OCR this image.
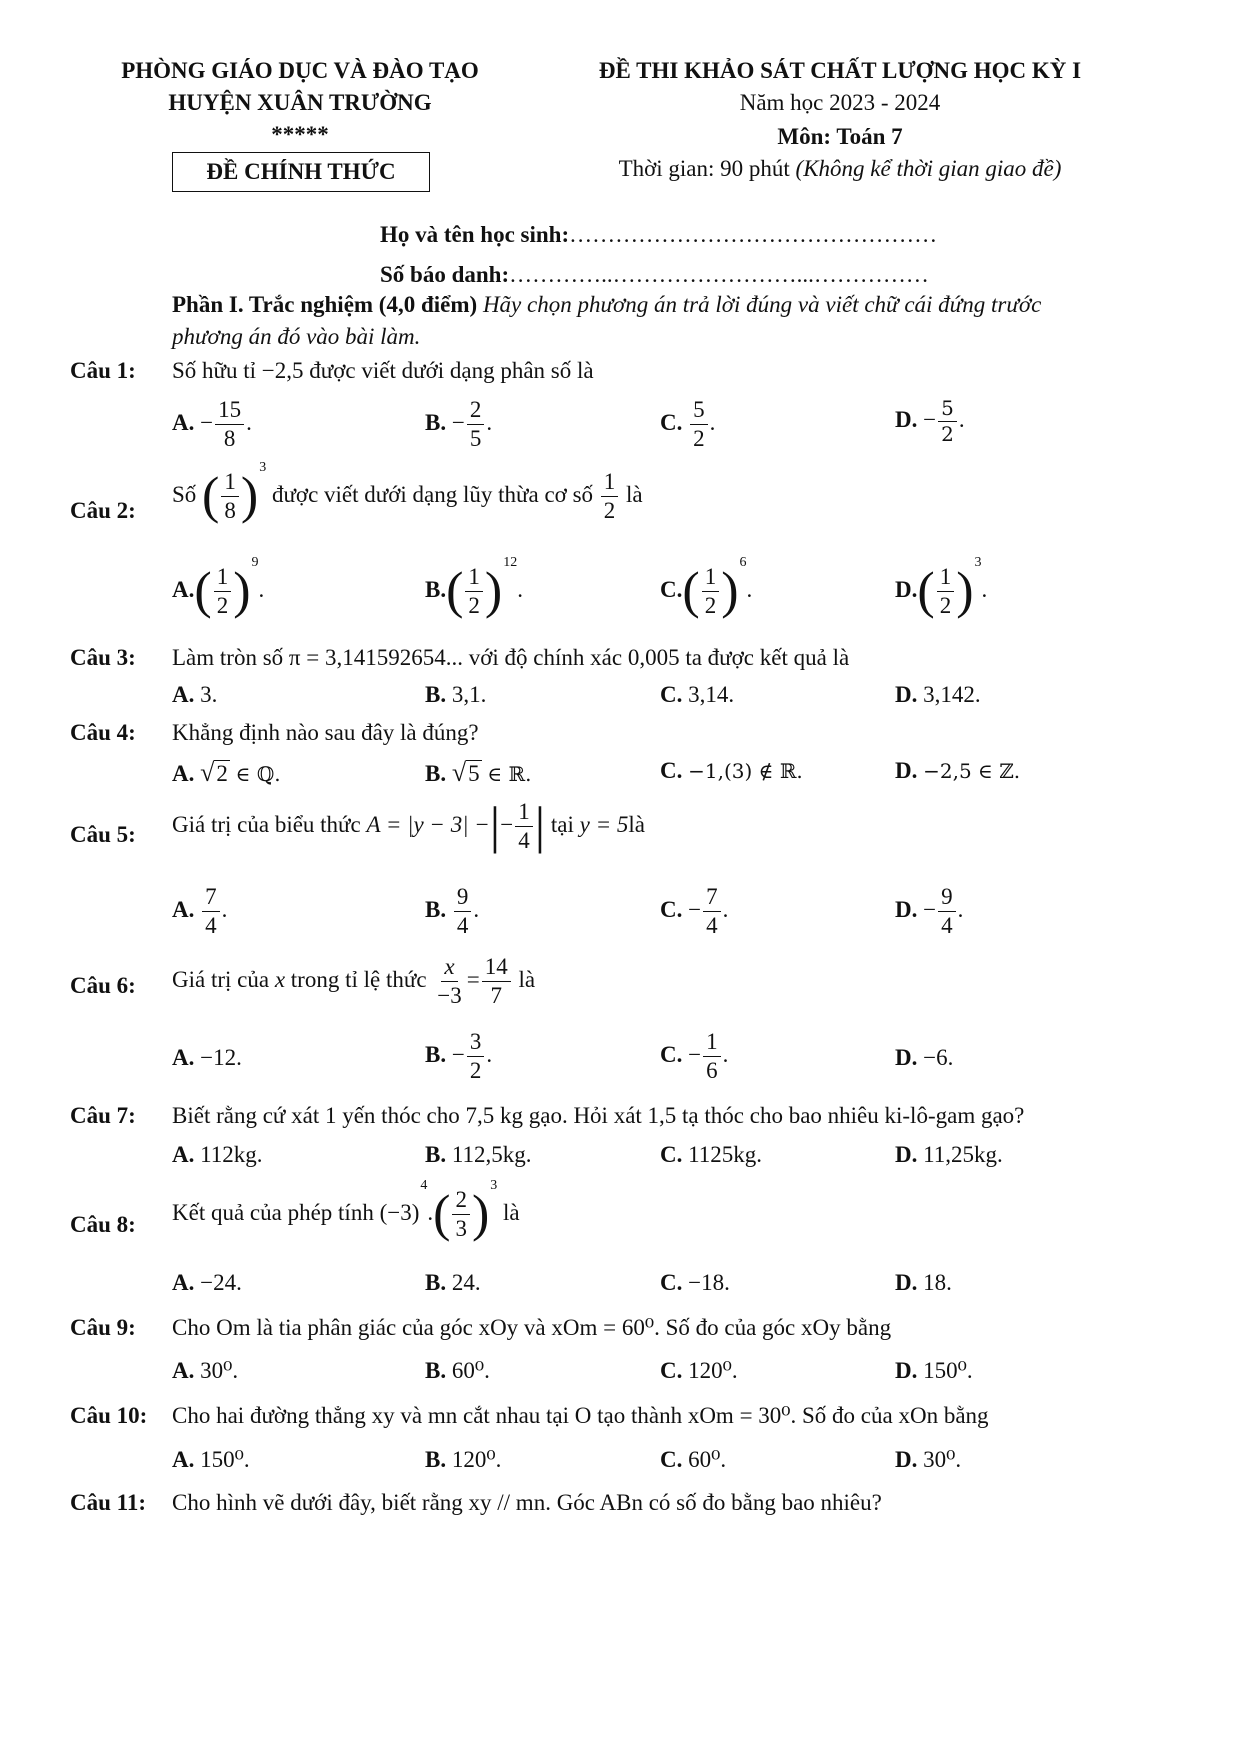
PHÒNG GIÁO DỤC VÀ ĐÀO TẠO
HUYỆN XUÂN TRƯỜNG
*****
ĐỀ CHÍNH THỨC
ĐỀ THI KHẢO SÁT CHẤT LƯỢNG HỌC KỲ I
Năm học 2023 - 2024
Môn: Toán 7
Thời gian: 90 phút (Không kể thời gian giao đề)
Họ và tên học sinh:…………………………………………
Số báo danh:…………..……………………...……………
Phần I. Trắc nghiệm (4,0 điểm) Hãy chọn phương án trả lời đúng và viết chữ cái đứng trước
phương án đó vào bài làm.
Câu 1: Số hữu tỉ −2,5 được viết dưới dạng phân số là
A. − $\frac{15}{8}$ .	B. − $\frac{2}{5}$ .	C. $\frac{5}{2}$ .	D. − $\frac{5}{2}$ .
Câu 2:
Số ( $\frac{1}{8} )^3$ được viết dưới dạng lũy thừa cơ số $\frac{1}{2}$ là
$A.( \frac{1}{2} )^9$.	$B.( \frac{1}{2} )^{12}$.	$C.( \frac{1}{2} )^6$.	$D.( \frac{1}{2} )^3$.
Câu 3: Làm tròn số π = 3,141592654... với độ chính xác 0,005 ta được kết quả là
A. 3.	B. 3,1.	C. 3,14.	D. 3,142.
Câu 4: Khẳng định nào sau đây là đúng?
A. √2 ∈ ℚ.	B. √5 ∈ ℝ.	C. −1,(3) ∉ ℝ.	D. −2,5 ∈ ℤ.
Câu 5: Giá trị của biểu thức A = |y − 3| −|− $\frac{1}{4}$ | tại y = 5là
A. $\frac{7}{4}$ .	B. $\frac{9}{4}$ .	C. − $\frac{7}{4}$ .	D. − $\frac{9}{4}$ .
Câu 6: Giá trị của x trong tỉ lệ thức $\frac{x}{-3} = \frac{14}{7}$ là
A. −12.	B. − $\frac{3}{2}$ .	C. − $\frac{1}{6}$ .	D. −6.
Câu 7: Biết rằng cứ xát 1 yến thóc cho 7,5 kg gạo. Hỏi xát 1,5 tạ thóc cho bao nhiêu ki-lô-gam gạo?
A. 112kg.	B. 112,5kg.	C. 1125kg.	D. 11,25kg.
Câu 8: Kết quả của phép tính $(-3)^4.( \frac{2}{3} )^3$ là
A. −24.	B. 24.	C. −18.	D. 18.
Câu 9: Cho Om là tia phân giác của góc xOy và xOm = 60⁰. Số đo của góc xOy bằng
A. 30⁰.	B. 60⁰.	C. 120⁰.	D. 150⁰.
Câu 10: Cho hai đường thẳng xy và mn cắt nhau tại O tạo thành xOm = 30⁰. Số đo của xOn bằng
A. 150⁰.	B. 120⁰.	C. 60⁰.	D. 30⁰.
Câu 11: Cho hình vẽ dưới đây, biết rằng xy // mn. Góc ABn có số đo bằng bao nhiêu?
